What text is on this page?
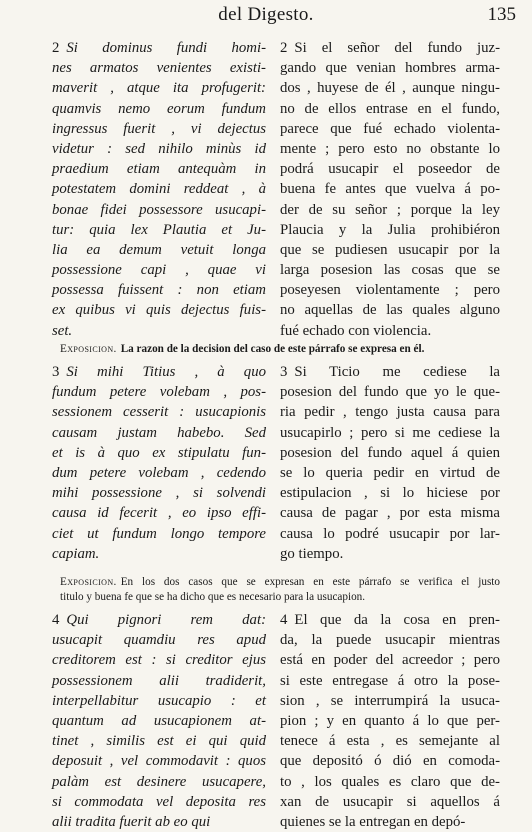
del Digesto.	135
2 Si dominus fundi homi-
nes armatos venientes existi-
maverit , atque ita profugerit:
quamvis nemo eorum fundum
ingressus fuerit , vi dejectus
videtur : sed nihilo minùs id
praedium etiam antequàm in
potestatem domini reddeat , à
bonae fidei possessore usucapi-
tur: quia lex Plautia et Ju-
lia ea demum vetuit longa
possessione capi , quae vi
possessa fuissent : non etiam
ex quibus vi quis dejectus fuis-
set.
2 Si el señor del fundo juz-
gando que venian hombres arma-
dos , huyese de él , aunque ningu-
no de ellos entrase en el fundo,
parece que fué echado violenta-
mente ; pero esto no obstante lo
podrá usucapir el poseedor de
buena fe antes que vuelva á po-
der de su señor ; porque la ley
Plaucia y la Julia prohibiéron
que se pudiesen usucapir por la
larga posesion las cosas que se
poseyesen violentamente ; pero
no aquellas de las quales alguno
fué echado con violencia.
Exposicion. La razon de la decision del caso de este párrafo se expresa en él.
3 Si mihi Titius , à quo
fundum petere volebam , pos-
sessionem cesserit : usucapionis
causam justam habebo. Sed
et is à quo ex stipulatu fun-
dum petere volebam , cedendo
mihi possessione , si solvendi
causa id fecerit , eo ipso effi-
ciet ut fundum longo tempore
capiam.
3 Si Ticio me cediese la
posesion del fundo que yo le que-
ria pedir , tengo justa causa para
usucapirlo ; pero si me cediese la
posesion del fundo aquel á quien
se lo queria pedir en virtud de
estipulacion , si lo hiciese por
causa de pagar , por esta misma
causa lo podré usucapir por lar-
go tiempo.
Exposicion. En los dos casos que se expresan en este párrafo se verifica el justo
titulo y buena fe que se ha dicho que es necesario para la usucapion.
4 Qui pignori rem dat:
usucapit quamdiu res apud
creditorem est : si creditor ejus
possessionem alii tradiderit,
interpellabitur usucapio : et
quantum ad usucapionem at-
tinet , similis est ei qui quid
deposuit , vel commodavit : quos
palàm est desinere usucapere,
si commodata vel deposita res
alii tradita fuerit ab eo qui
4 El que da la cosa en pren-
da, la puede usucapir mientras
está en poder del acreedor ; pero
si este entregase á otro la pose-
sion , se interrumpirá la usuca-
pion ; y en quanto á lo que per-
tenece á esta , es semejante al
que depositó ó dió en comoda-
to , los quales es claro que de-
xan de usucapir si aquellos á
quienes se la entregan en depó-
